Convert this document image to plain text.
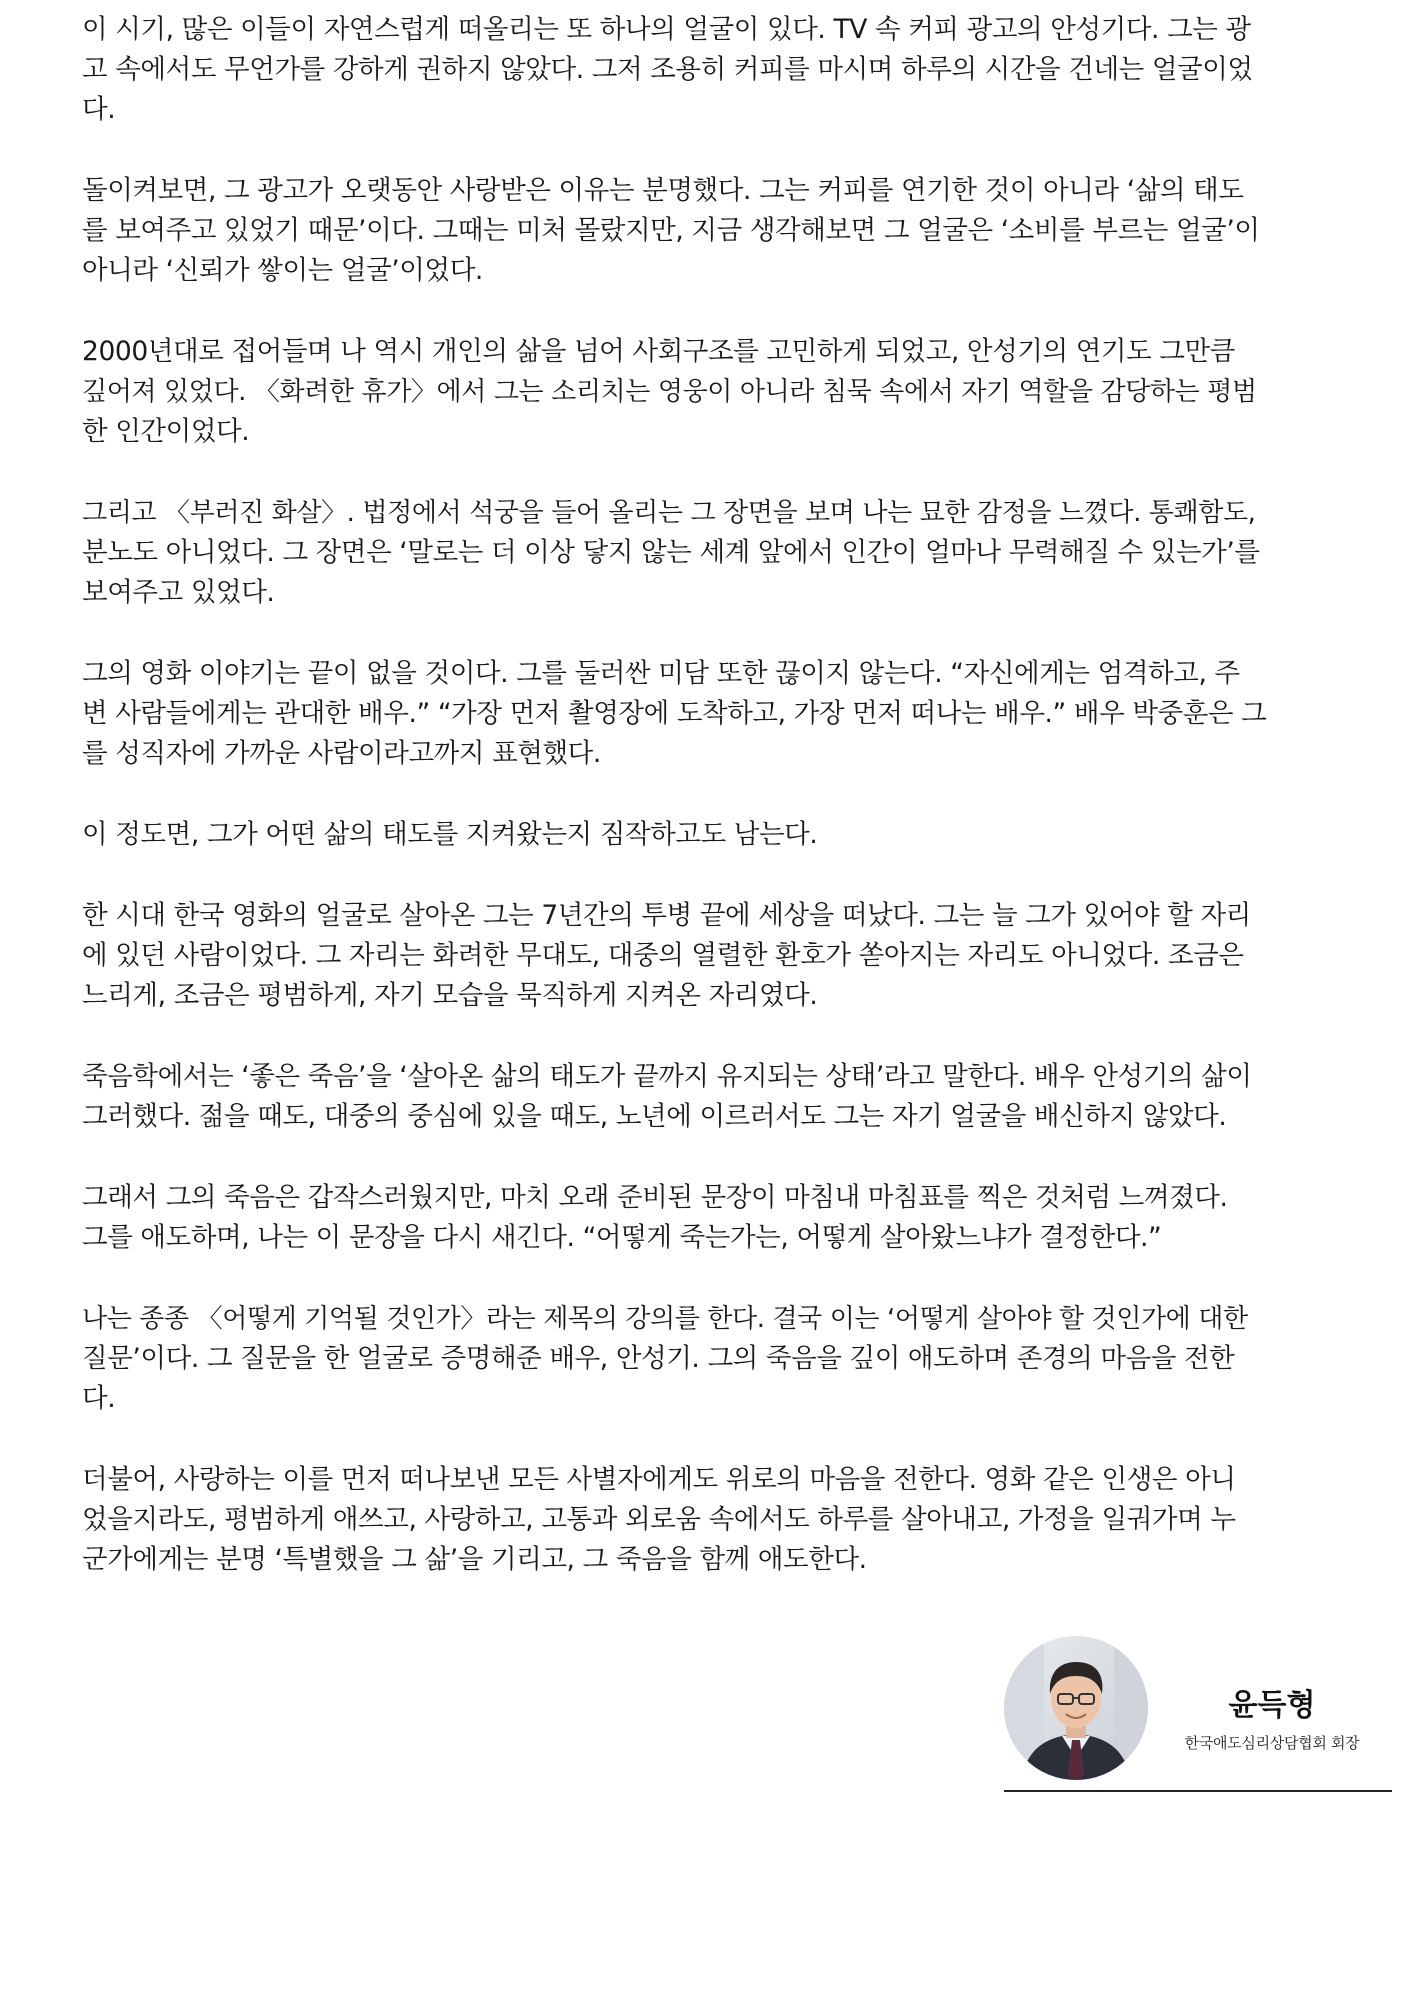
이 시기, 많은 이들이 자연스럽게 떠올리는 또 하나의 얼굴이 있다. TV 속 커피 광고의 안성기다. 그는 광
고 속에서도 무언가를 강하게 권하지 않았다. 그저 조용히 커피를 마시며 하루의 시간을 건네는 얼굴이었
다.

돌이켜보면, 그 광고가 오랫동안 사랑받은 이유는 분명했다. 그는 커피를 연기한 것이 아니라 ‘삶의 태도
를 보여주고 있었기 때문’이다. 그때는 미처 몰랐지만, 지금 생각해보면 그 얼굴은 ‘소비를 부르는 얼굴’이
아니라 ‘신뢰가 쌓이는 얼굴’이었다.

2000년대로 접어들며 나 역시 개인의 삶을 넘어 사회구조를 고민하게 되었고, 안성기의 연기도 그만큼
깊어져 있었다. 〈화려한 휴가〉에서 그는 소리치는 영웅이 아니라 침묵 속에서 자기 역할을 감당하는 평범
한 인간이었다.

그리고 〈부러진 화살〉. 법정에서 석궁을 들어 올리는 그 장면을 보며 나는 묘한 감정을 느꼈다. 통쾌함도,
분노도 아니었다. 그 장면은 ‘말로는 더 이상 닿지 않는 세계 앞에서 인간이 얼마나 무력해질 수 있는가’를
보여주고 있었다.

그의 영화 이야기는 끝이 없을 것이다. 그를 둘러싼 미담 또한 끊이지 않는다. “자신에게는 엄격하고, 주
변 사람들에게는 관대한 배우.” “가장 먼저 촬영장에 도착하고, 가장 먼저 떠나는 배우.” 배우 박중훈은 그
를 성직자에 가까운 사람이라고까지 표현했다.

이 정도면, 그가 어떤 삶의 태도를 지켜왔는지 짐작하고도 남는다.

한 시대 한국 영화의 얼굴로 살아온 그는 7년간의 투병 끝에 세상을 떠났다. 그는 늘 그가 있어야 할 자리
에 있던 사람이었다. 그 자리는 화려한 무대도, 대중의 열렬한 환호가 쏟아지는 자리도 아니었다. 조금은
느리게, 조금은 평범하게, 자기 모습을 묵직하게 지켜온 자리였다.

죽음학에서는 ‘좋은 죽음’을 ‘살아온 삶의 태도가 끝까지 유지되는 상태’라고 말한다. 배우 안성기의 삶이
그러했다. 젊을 때도, 대중의 중심에 있을 때도, 노년에 이르러서도 그는 자기 얼굴을 배신하지 않았다.

그래서 그의 죽음은 갑작스러웠지만, 마치 오래 준비된 문장이 마침내 마침표를 찍은 것처럼 느껴졌다.
그를 애도하며, 나는 이 문장을 다시 새긴다. “어떻게 죽는가는, 어떻게 살아왔느냐가 결정한다.”

나는 종종 〈어떻게 기억될 것인가〉라는 제목의 강의를 한다. 결국 이는 ‘어떻게 살아야 할 것인가에 대한
질문’이다. 그 질문을 한 얼굴로 증명해준 배우, 안성기. 그의 죽음을 깊이 애도하며 존경의 마음을 전한
다.

더불어, 사랑하는 이를 먼저 떠나보낸 모든 사별자에게도 위로의 마음을 전한다. 영화 같은 인생은 아니
었을지라도, 평범하게 애쓰고, 사랑하고, 고통과 외로움 속에서도 하루를 살아내고, 가정을 일궈가며 누
군가에게는 분명 ‘특별했을 그 삶’을 기리고, 그 죽음을 함께 애도한다.

윤득형
한국애도심리상담협회 회장
